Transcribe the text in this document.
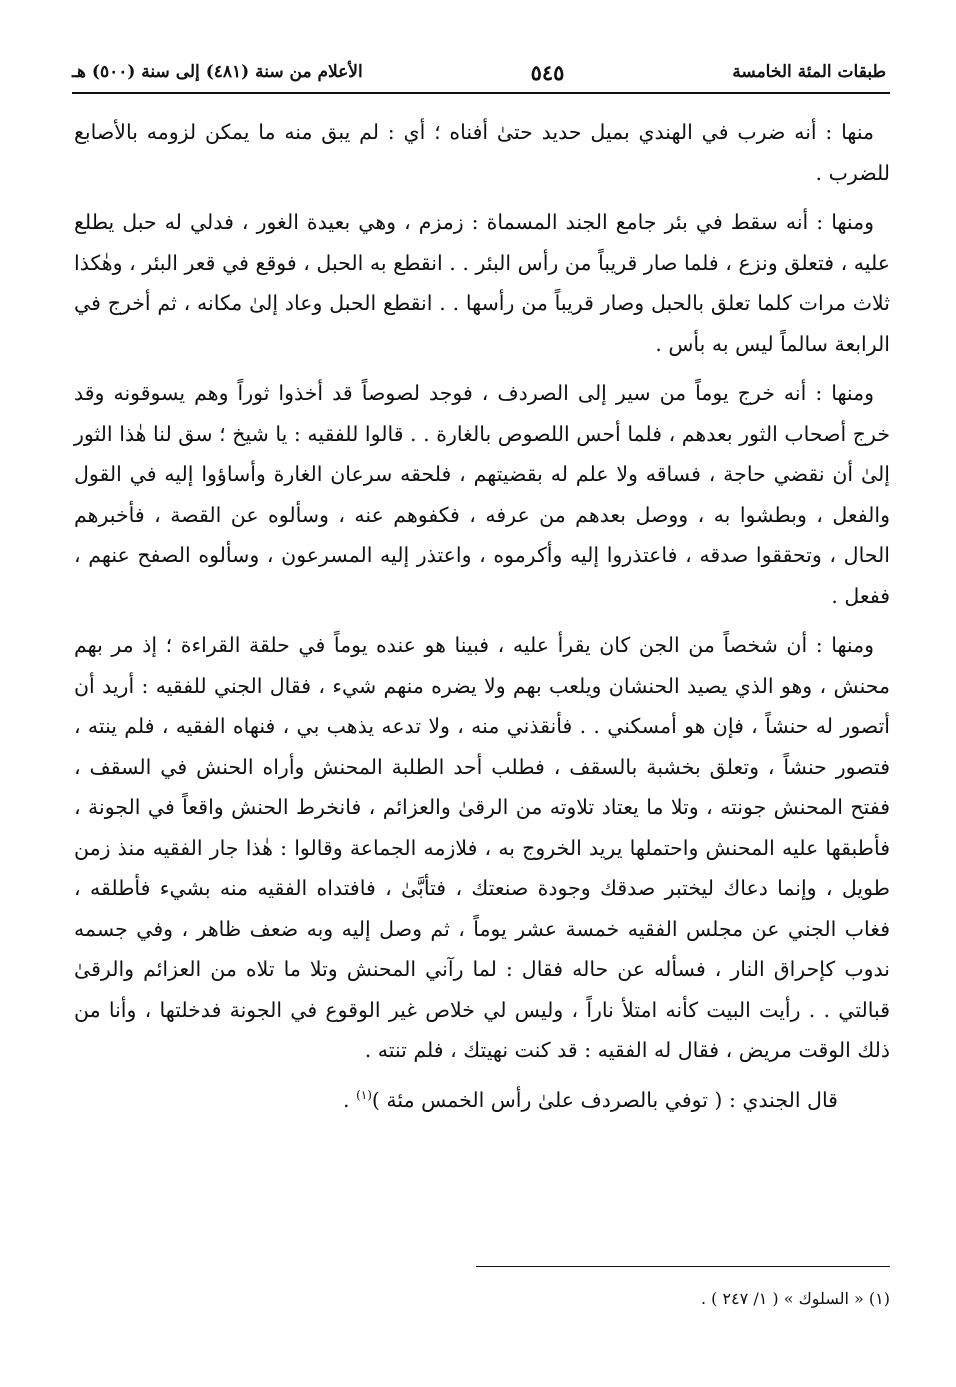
طبقات المئة الخامسة
٥٤٥
الأعلام من سنة (٤٨١) إلى سنة (٥٠٠) هـ

منها : أنه ضرب في الهندي بميل حديد حتىٰ أفناه ؛ أي : لم يبق منه ما يمكن لزومه بالأصابع للضرب .

ومنها : أنه سقط في بئر جامع الجند المسماة : زمزم ، وهي بعيدة الغور ، فدلي له حبل يطلع عليه ، فتعلق ونزع ، فلما صار قريباً من رأس البئر . . انقطع به الحبل ، فوقع في قعر البئر ، وهٰكذا ثلاث مرات كلما تعلق بالحبل وصار قريباً من رأسها . . انقطع الحبل وعاد إلىٰ مكانه ، ثم أخرج في الرابعة سالماً ليس به بأس .

ومنها : أنه خرج يوماً من سير إلى الصردف ، فوجد لصوصاً قد أخذوا ثوراً وهم يسوقونه وقد خرج أصحاب الثور بعدهم ، فلما أحس اللصوص بالغارة . . قالوا للفقيه : يا شيخ ؛ سق لنا هٰذا الثور إلىٰ أن نقضي حاجة ، فساقه ولا علم له بقضيتهم ، فلحقه سرعان الغارة وأساؤوا إليه في القول والفعل ، وبطشوا به ، ووصل بعدهم من عرفه ، فكفوهم عنه ، وسألوه عن القصة ، فأخبرهم الحال ، وتحققوا صدقه ، فاعتذروا إليه وأكرموه ، واعتذر إليه المسرعون ، وسألوه الصفح عنهم ، ففعل .

ومنها : أن شخصاً من الجن كان يقرأ عليه ، فبينا هو عنده يوماً في حلقة القراءة ؛ إذ مر بهم محنش ، وهو الذي يصيد الحنشان ويلعب بهم ولا يضره منهم شيء ، فقال الجني للفقيه : أريد أن أتصور له حنشاً ، فإن هو أمسكني . . فأنقذني منه ، ولا تدعه يذهب بي ، فنهاه الفقيه ، فلم ينته ، فتصور حنشاً ، وتعلق بخشبة بالسقف ، فطلب أحد الطلبة المحنش وأراه الحنش في السقف ، ففتح المحنش جونته ، وتلا ما يعتاد تلاوته من الرقىٰ والعزائم ، فانخرط الحنش واقعاً في الجونة ، فأطبقها عليه المحنش واحتملها يريد الخروج به ، فلازمه الجماعة وقالوا : هٰذا جار الفقيه منذ زمن طويل ، وإنما دعاك ليختبر صدقك وجودة صنعتك ، فتأبَّىٰ ، فافتداه الفقيه منه بشيء فأطلقه ، فغاب الجني عن مجلس الفقيه خمسة عشر يوماً ، ثم وصل إليه وبه ضعف ظاهر ، وفي جسمه ندوب كإحراق النار ، فسأله عن حاله فقال : لما رآني المحنش وتلا ما تلاه من العزائم والرقىٰ قبالتي . . رأيت البيت كأنه امتلأ ناراً ، وليس لي خلاص غير الوقوع في الجونة فدخلتها ، وأنا من ذلك الوقت مريض ، فقال له الفقيه : قد كنت نهيتك ، فلم تنته .

قال الجندي : ( توفي بالصردف علىٰ رأس الخمس مئة )$^{(١)}$ .

(١) « السلوك » ( ١/ ٢٤٧ ) .
